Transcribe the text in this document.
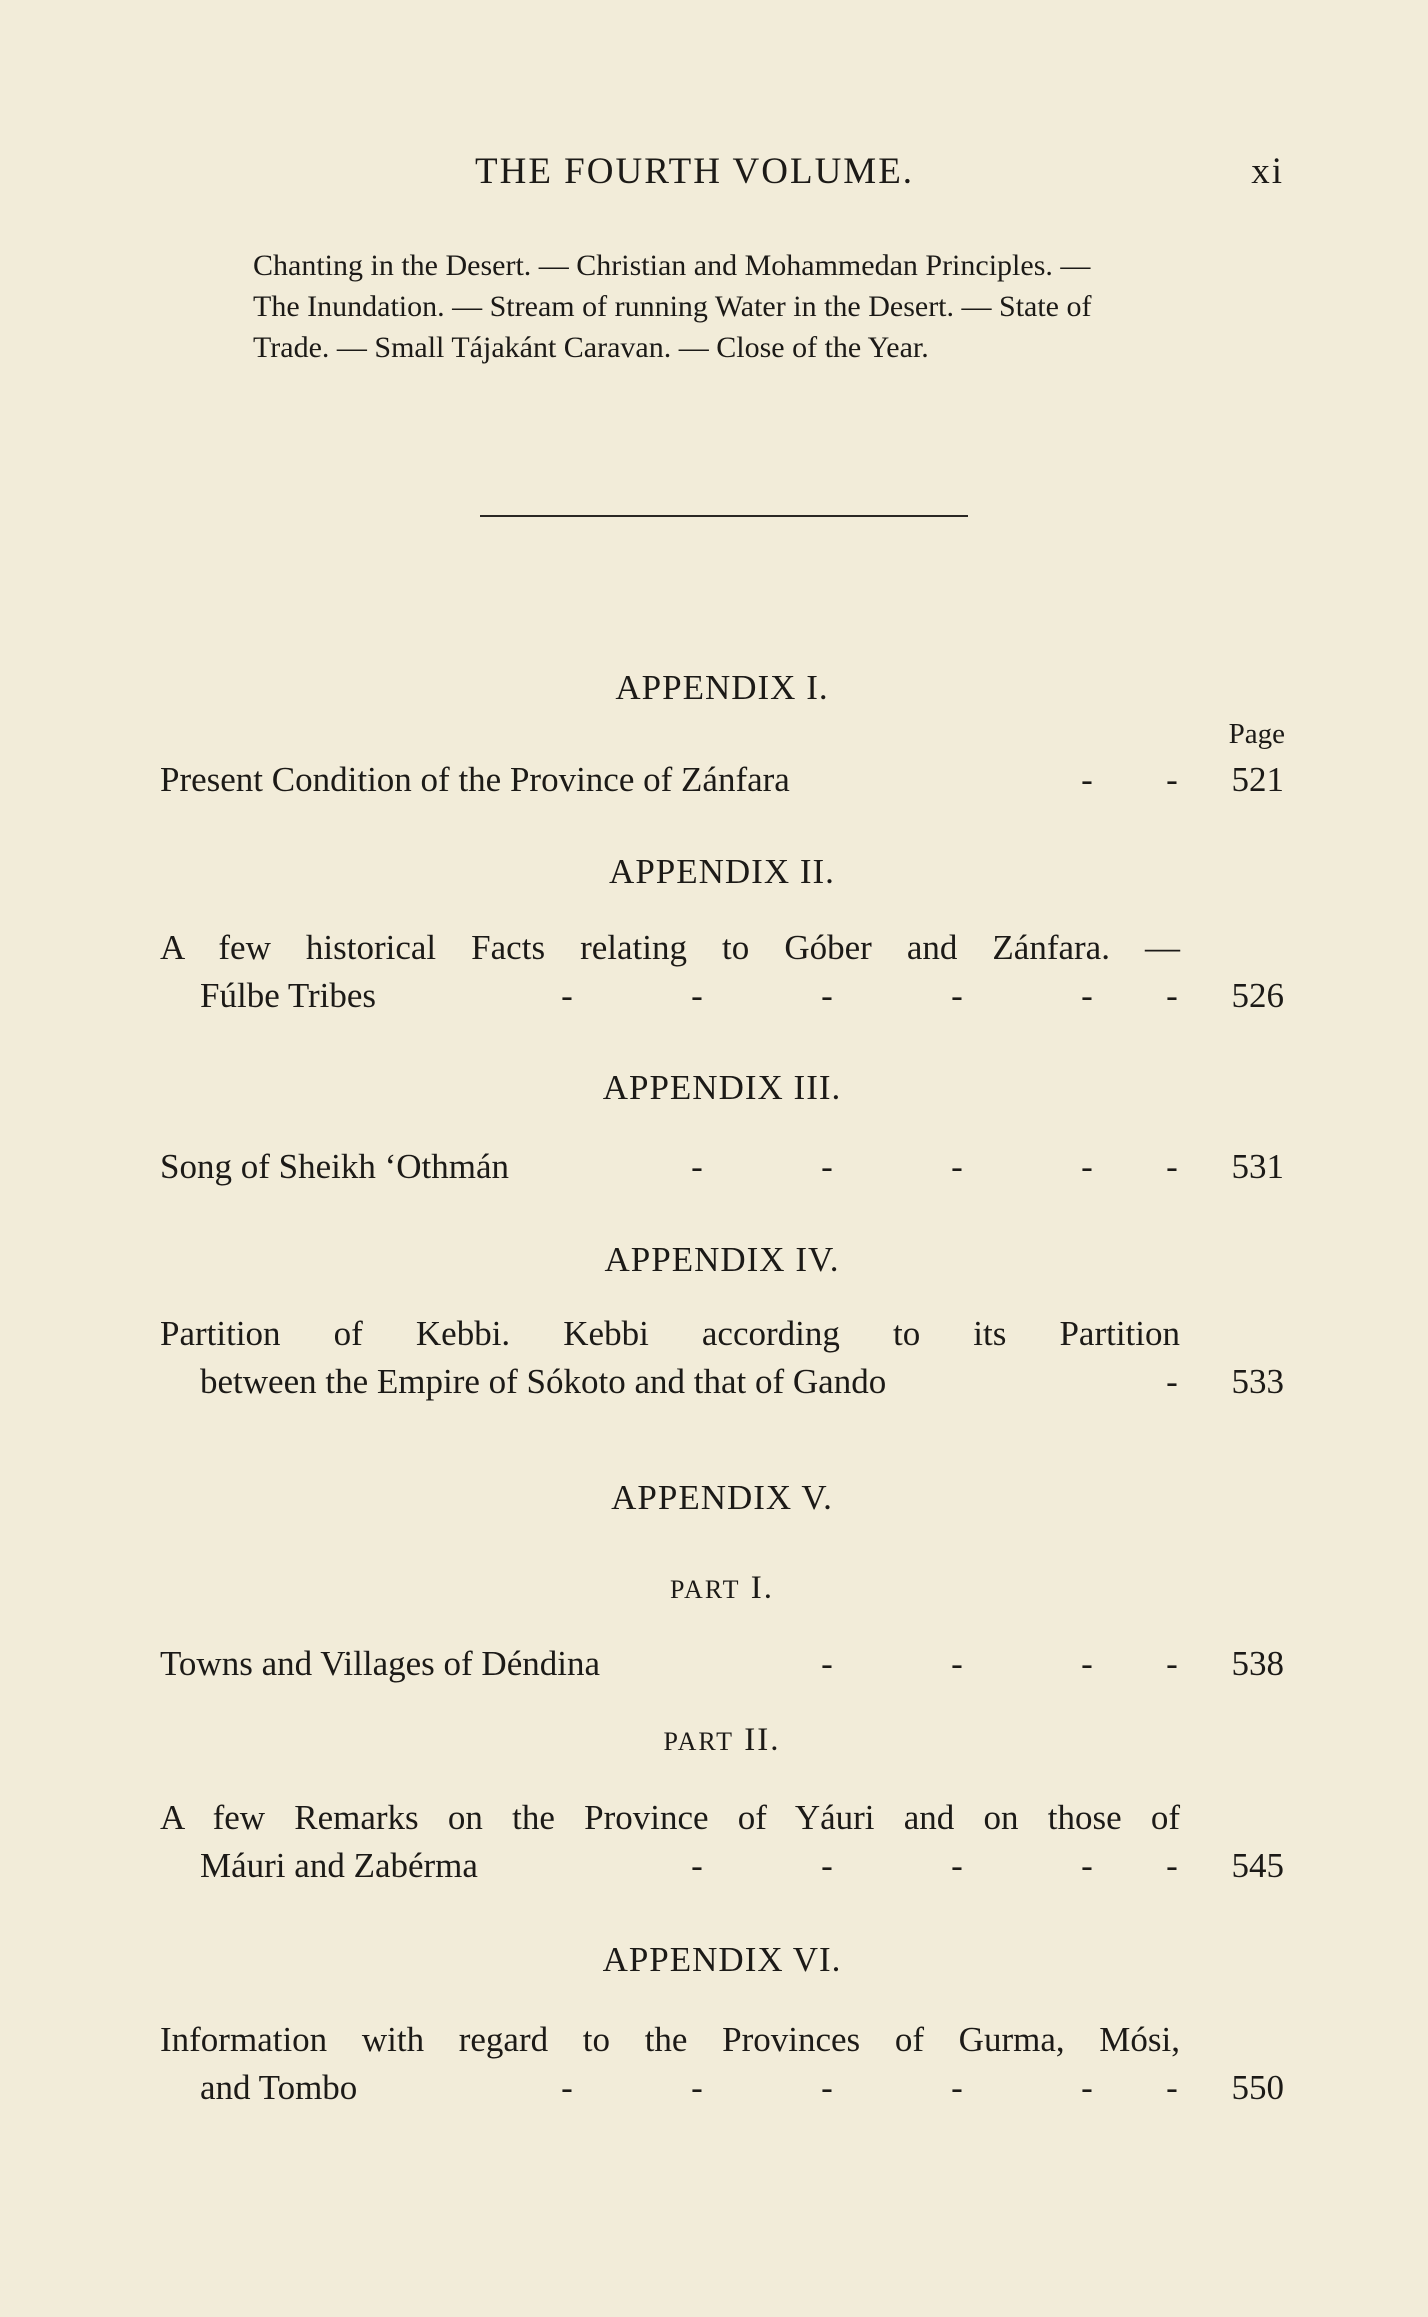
THE FOURTH VOLUME.	xi
Chanting in the Desert. — Christian and Mohammedan Principles. —
The Inundation. — Stream of running Water in the Desert. — State of
Trade. — Small Tájakánt Caravan. — Close of the Year.
APPENDIX I.
Page
Present Condition of the Province of Zánfara	-	-	521
APPENDIX II.
A few historical Facts relating to Góber and Zánfara. —
Fúlbe Tribes	-	-	-	-	-	-	526
APPENDIX III.
Song of Sheikh ʻOthmán	-	-	-	-	-	531
APPENDIX IV.
Partition of Kebbi. Kebbi according to its Partition
between the Empire of Sókoto and that of Gando	-	533
APPENDIX V.
PART I.
Towns and Villages of Déndina	-	-	-	-	538
PART II.
A few Remarks on the Province of Yáuri and on those of
Máuri and Zabérma	-	-	-	-	-	545
APPENDIX VI.
Information with regard to the Provinces of Gurma, Mósi,
and Tombo	-	-	-	-	-	-	550
